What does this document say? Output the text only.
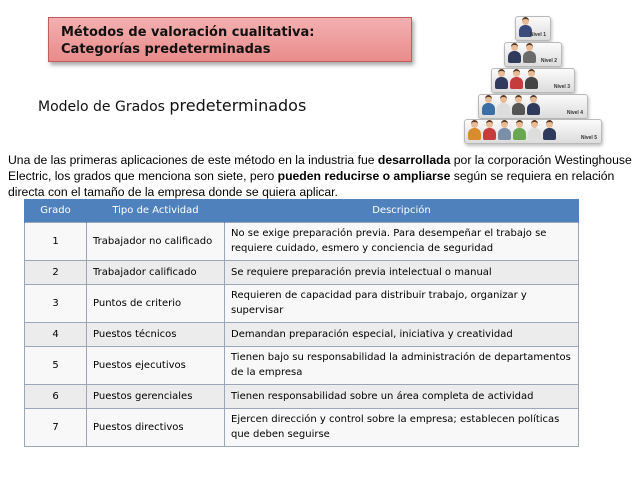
Métodos de valoración cualitativa:
Categorías predeterminadas
Modelo de Grados predeterminados
Nivel 1
Nivel 2
Nivel 3
Nivel 4
Nivel 5

Una de las primeras aplicaciones de este método en la industria fue desarrollada por la corporación Westinghouse Electric, los grados que menciona son siete, pero pueden reducirse o ampliarse según se requiera en relación directa con el tamaño de la empresa donde se quiera aplicar.

Grado	Tipo de Actividad	Descripción
1	Trabajador no calificado	No se exige preparación previa. Para desempeñar el trabajo se requiere cuidado, esmero y conciencia de seguridad
2	Trabajador calificado	Se requiere preparación previa intelectual o manual
3	Puntos de criterio	Requieren de capacidad para distribuir trabajo, organizar y supervisar
4	Puestos técnicos	Demandan preparación especial, iniciativa y creatividad
5	Puestos ejecutivos	Tienen bajo su responsabilidad la administración de departamentos de la empresa
6	Puestos gerenciales	Tienen responsabilidad sobre un área completa de actividad
7	Puestos directivos	Ejercen dirección y control sobre la empresa; establecen políticas que deben seguirse
